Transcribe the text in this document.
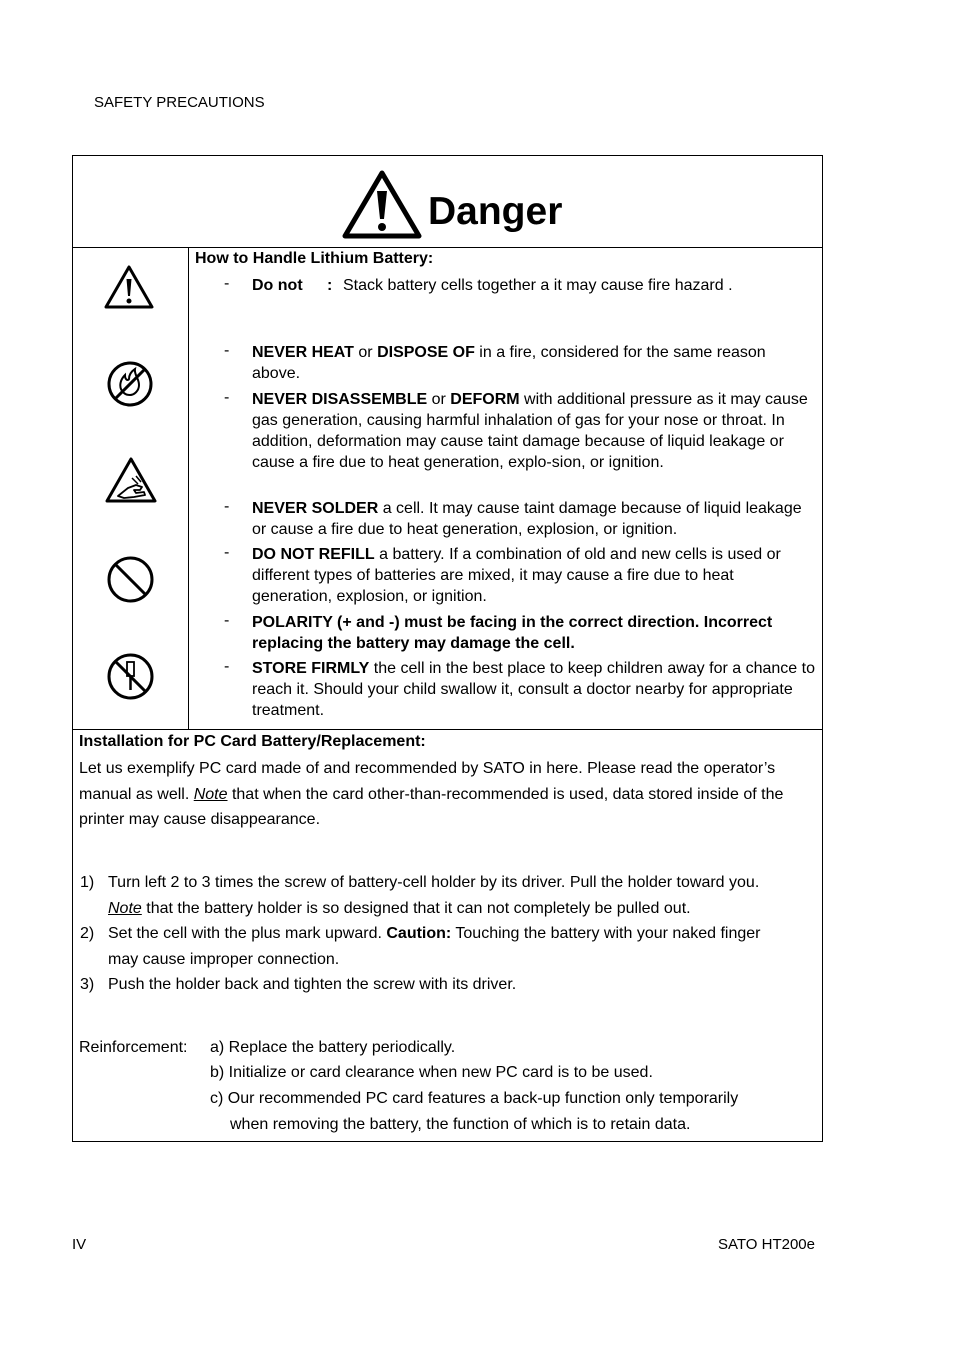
SAFETY PRECAUTIONS
Danger
How to Handle Lithium Battery:
- Do not : Stack battery cells together a it may cause fire hazard .
- NEVER HEAT or DISPOSE OF in a fire, considered for the same reason above.
- NEVER DISASSEMBLE or DEFORM with additional pressure as it may cause gas generation, causing harmful inhalation of gas for your nose or throat. In addition, deformation may cause taint damage because of liquid leakage or cause a fire due to heat generation, explo-sion, or ignition.
- NEVER SOLDER a cell. It may cause taint damage because of liquid leakage or cause a fire due to heat generation, explosion, or ignition.
- DO NOT REFILL a battery. If a combination of old and new cells is used or different types of batteries are mixed, it may cause a fire due to heat generation, explosion, or ignition.
- POLARITY (+ and -) must be facing in the correct direction. Incorrect replacing the battery may damage the cell.
- STORE FIRMLY the cell in the best place to keep children away for a chance to reach it. Should your child swallow it, consult a doctor nearby for appropriate treatment.
Installation for PC Card Battery/Replacement:
Let us exemplify PC card made of and recommended by SATO in here. Please read the operator’s manual as well. Note that when the card other-than-recommended is used, data stored inside of the printer may cause disappearance.
1) Turn left 2 to 3 times the screw of battery-cell holder by its driver. Pull the holder toward you.
Note that the battery holder is so designed that it can not completely be pulled out.
2) Set the cell with the plus mark upward. Caution: Touching the battery with your naked finger may cause improper connection.
3) Push the holder back and tighten the screw with its driver.
Reinforcement: a) Replace the battery periodically.
b) Initialize or card clearance when new PC card is to be used.
c) Our recommended PC card features a back-up function only temporarily
when removing the battery, the function of which is to retain data.
IV	SATO HT200e
